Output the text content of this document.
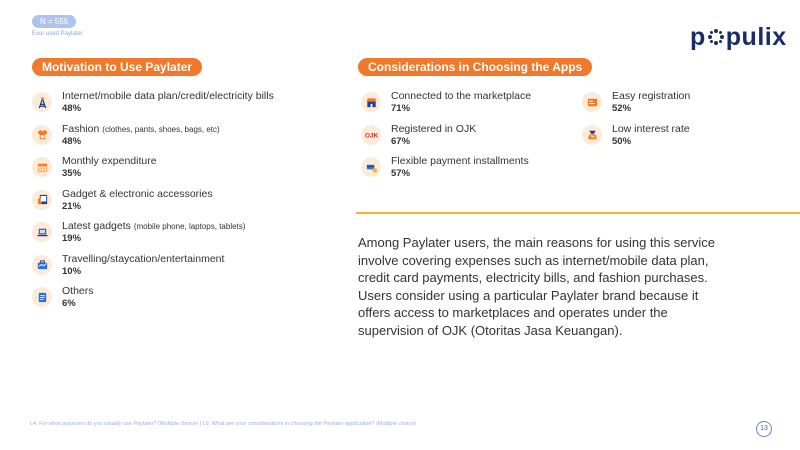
N = 555
Ever used Paylater	p pulix
Motivation to Use Paylater
Internet/mobile data plan/credit/electricity bills
48%
Fashion (clothes, pants, shoes, bags, etc)
48%
Monthly expenditure
35%
Gadget & electronic accessories
21%
Latest gadgets (mobile phone, laptops, tablets)
19%
Travelling/staycation/entertainment
10%
Others
6%
Considerations in Choosing the Apps
Connected to the marketplace
71%
OJK
Registered in OJK
67%
Flexible payment installments
57%
Easy registration
52%
%
Low interest rate
50%

Among Paylater users, the main reasons for using this service involve covering expenses such as internet/mobile data plan, credit card payments, electricity bills, and fashion purchases. Users consider using a particular Paylater brand because it offers access to marketplaces and operates under the supervision of OJK (Otoritas Jasa Keuangan).

L4. For what purposes do you usually use Paylater? (Multiple choice) | L9. What are your considerations in choosing the Paylater application? (Multiple choice)
13
